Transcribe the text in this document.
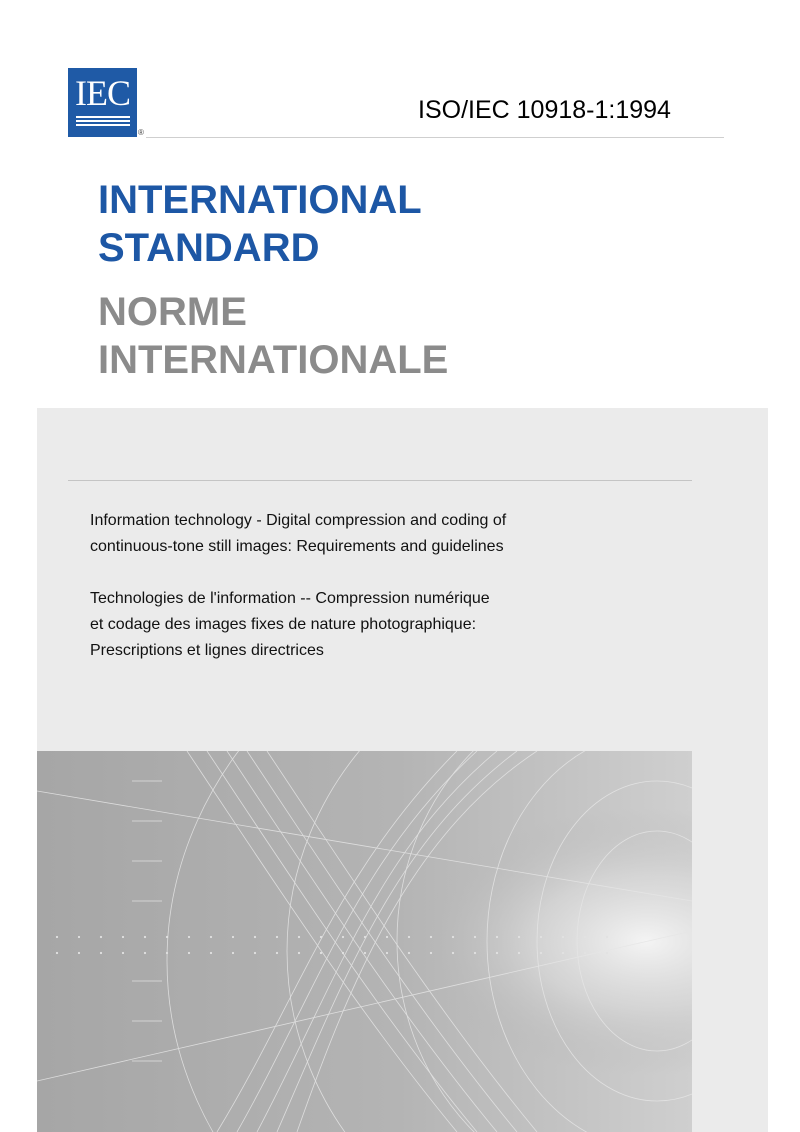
IEC
®
ISO/IEC 10918-1:1994
INTERNATIONAL
STANDARD
NORME
INTERNATIONALE
Information technology - Digital compression and coding of
continuous-tone still images: Requirements and guidelines
Technologies de l'information -- Compression numérique
et codage des images fixes de nature photographique:
Prescriptions et lignes directrices
